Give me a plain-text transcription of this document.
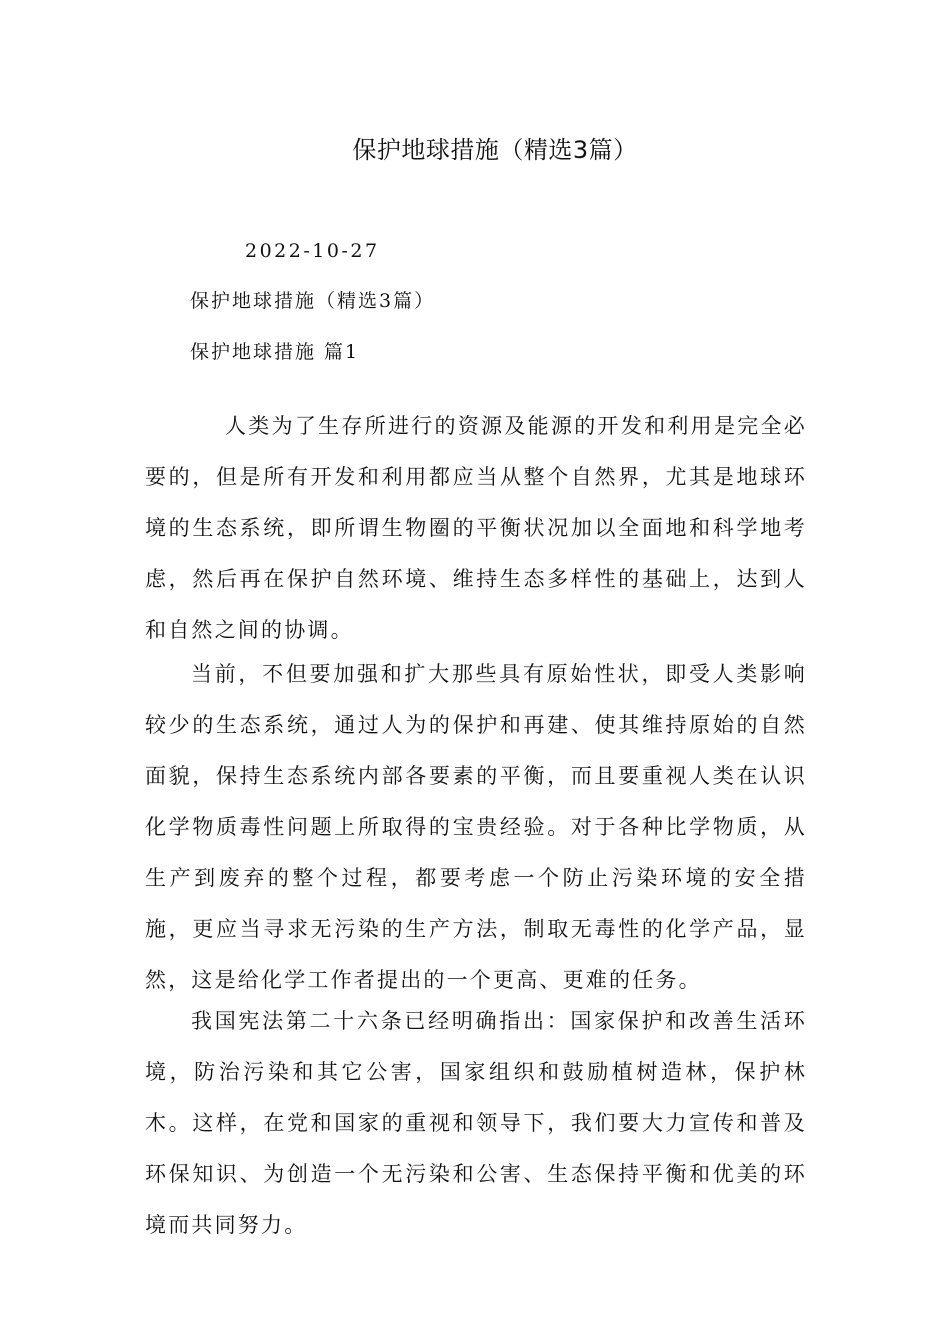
保护地球措施（精选3篇）
2022-10-27
保护地球措施（精选3篇）
保护地球措施 篇1

人类为了生存所进行的资源及能源的开发和利用是完全必要的，但是所有开发和利用都应当从整个自然界，尤其是地球环境的生态系统，即所谓生物圈的平衡状况加以全面地和科学地考虑，然后再在保护自然环境、维持生态多样性的基础上，达到人和自然之间的协调。

当前，不但要加强和扩大那些具有原始性状，即受人类影响较少的生态系统，通过人为的保护和再建、使其维持原始的自然面貌，保持生态系统内部各要素的平衡，而且要重视人类在认识化学物质毒性问题上所取得的宝贵经验。对于各种比学物质，从生产到废弃的整个过程，都要考虑一个防止污染环境的安全措施，更应当寻求无污染的生产方法，制取无毒性的化学产品，显然，这是给化学工作者提出的一个更高、更难的任务。

我国宪法第二十六条已经明确指出：国家保护和改善生活环境，防治污染和其它公害，国家组织和鼓励植树造林，保护林木。这样，在党和国家的重视和领导下，我们要大力宣传和普及环保知识、为创造一个无污染和公害、生态保持平衡和优美的环境而共同努力。
